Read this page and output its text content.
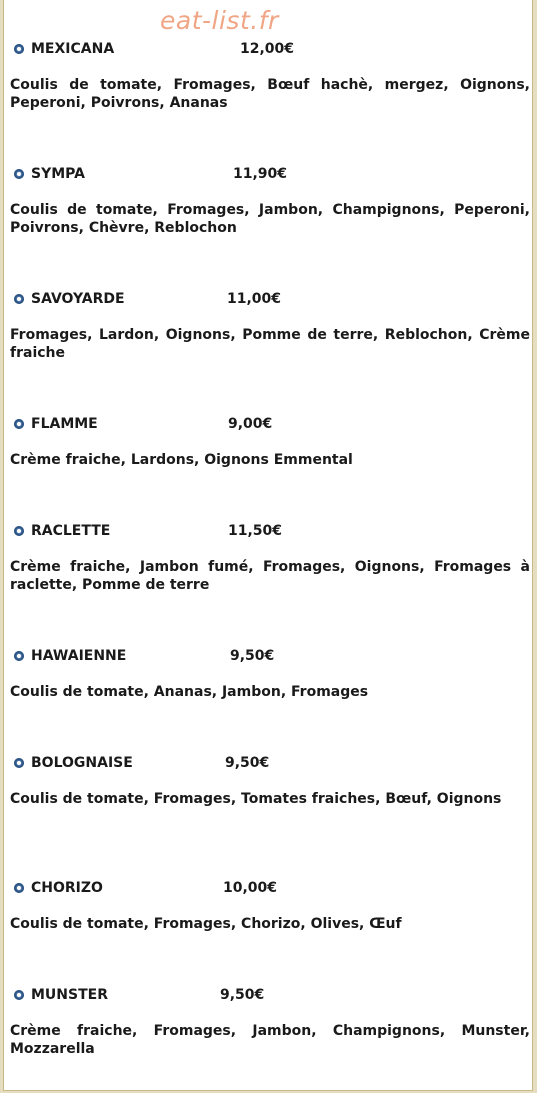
eat-list.fr
MEXICANA	12,00€
Coulis de tomate, Fromages, Bœuf hachè, mergez, Oignons, Peperoni, Poivrons, Ananas
SYMPA	11,90€
Coulis de tomate, Fromages, Jambon, Champignons, Peperoni, Poivrons, Chèvre, Reblochon
SAVOYARDE	11,00€
Fromages, Lardon, Oignons, Pomme de terre, Reblochon, Crème fraiche
FLAMME	9,00€
Crème fraiche, Lardons, Oignons Emmental
RACLETTE	11,50€
Crème fraiche, Jambon fumé, Fromages, Oignons, Fromages à raclette, Pomme de terre
HAWAIENNE	9,50€
Coulis de tomate, Ananas, Jambon, Fromages
BOLOGNAISE	9,50€
Coulis de tomate, Fromages, Tomates fraiches, Bœuf, Oignons
CHORIZO	10,00€
Coulis de tomate, Fromages, Chorizo, Olives, Œuf
MUNSTER	9,50€
Crème fraiche, Fromages, Jambon, Champignons, Munster, Mozzarella
